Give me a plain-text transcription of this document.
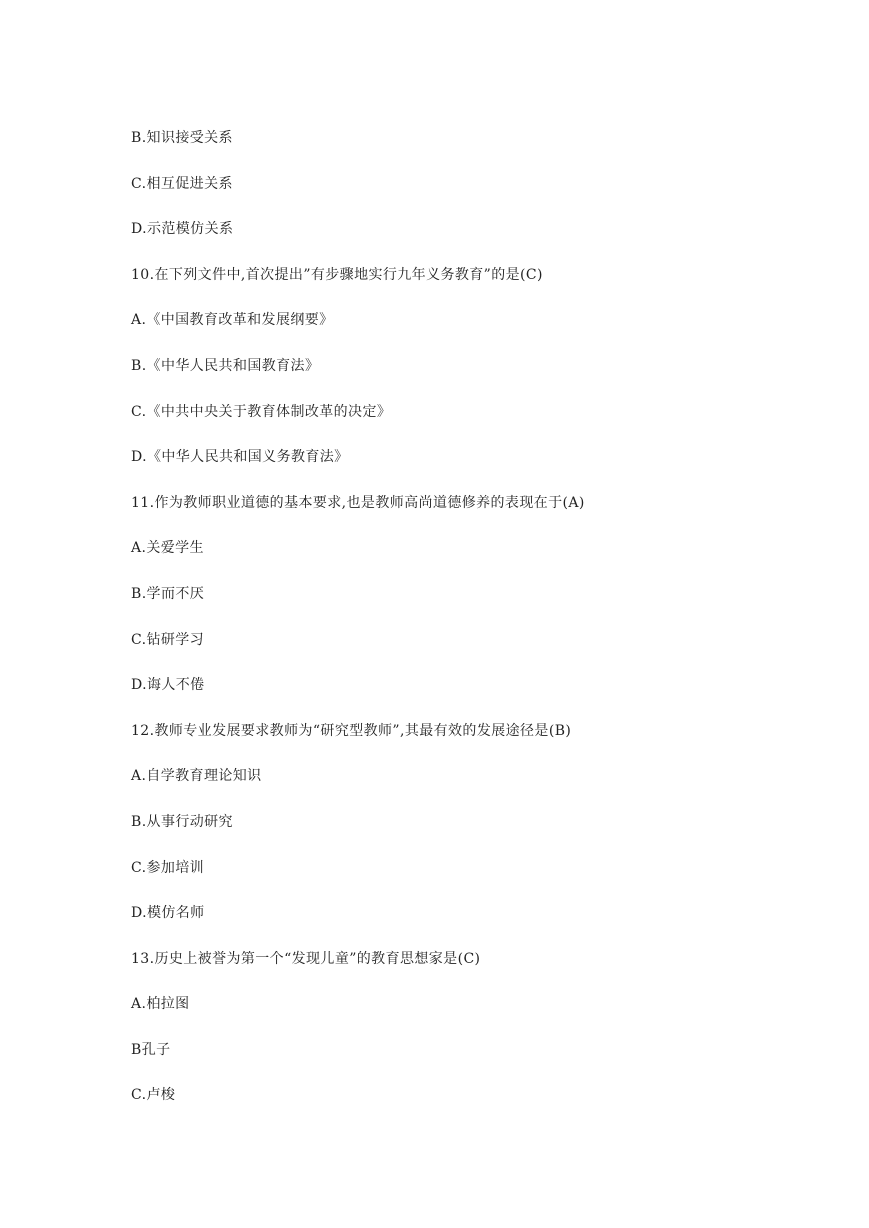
B.知识接受关系
C.相互促进关系
D.示范模仿关系
10.在下列文件中,首次提出”有步骤地实行九年义务教育”的是(C)
A.《中国教育改革和发展纲要》
B.《中华人民共和国教育法》
C.《中共中央关于教育体制改革的决定》
D.《中华人民共和国义务教育法》
11.作为教师职业道德的基本要求,也是教师高尚道德修养的表现在于(A)
A.关爱学生
B.学而不厌
C.钻研学习
D.诲人不倦
12.教师专业发展要求教师为“研究型教师”,其最有效的发展途径是(B)
A.自学教育理论知识
B.从事行动研究
C.参加培训
D.模仿名师
13.历史上被誉为第一个“发现儿童”的教育思想家是(C)
A.柏拉图
B孔子
C.卢梭
